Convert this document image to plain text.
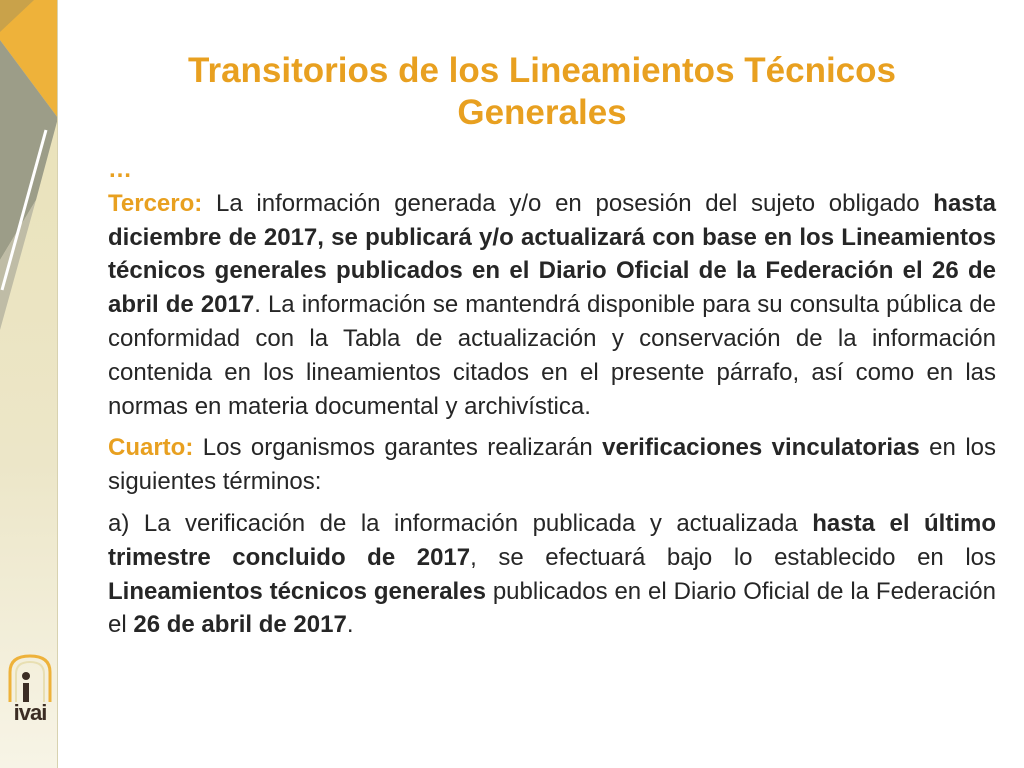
ivai
Transitorios de los Lineamientos Técnicos Generales

…

Tercero: La información generada y/o en posesión del sujeto obligado hasta diciembre de 2017, se publicará y/o actualizará con base en los Lineamientos técnicos generales publicados en el Diario Oficial de la Federación el 26 de abril de 2017. La información se mantendrá disponible para su consulta pública de conformidad con la Tabla de actualización y conservación de la información contenida en los lineamientos citados en el presente párrafo, así como en las normas en materia documental y archivística.

Cuarto: Los organismos garantes realizarán verificaciones vinculatorias en los siguientes términos:

a) La verificación de la información publicada y actualizada hasta el último trimestre concluido de 2017, se efectuará bajo lo establecido en los Lineamientos técnicos generales publicados en el Diario Oficial de la Federación el 26 de abril de 2017.
